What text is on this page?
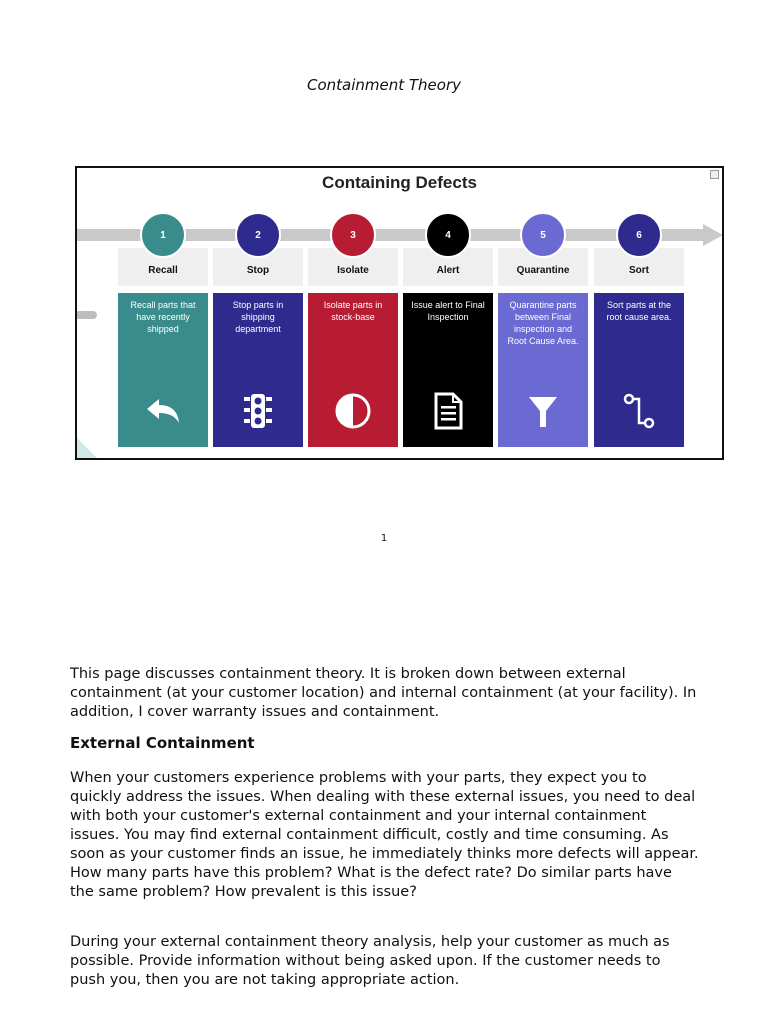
Containment Theory
Containing Defects
Recall
1
Recall parts that have recently shipped
Stop
2
Stop parts in shipping department
Isolate
3
Isolate parts in stock-base
Alert
4
Issue alert to Final Inspection
Quarantine
5
Quarantine parts between Final inspection and Root Cause Area.
Sort
6
Sort parts at the root cause area.
1

This page discusses containment theory. It is broken down between external containment (at your customer location) and internal containment (at your facility). In addition, I cover warranty issues and containment.

External Containment

When your customers experience problems with your parts, they expect you to quickly address the issues. When dealing with these external issues, you need to deal with both your customer's external containment and your internal containment issues. You may find external containment difficult, costly and time consuming. As soon as your customer finds an issue, he immediately thinks more defects will appear. How many parts have this problem? What is the defect rate? Do similar parts have the same problem? How prevalent is this issue?

During your external containment theory analysis, help your customer as much as possible. Provide information without being asked upon. If the customer needs to push you, then you are not taking appropriate action.
